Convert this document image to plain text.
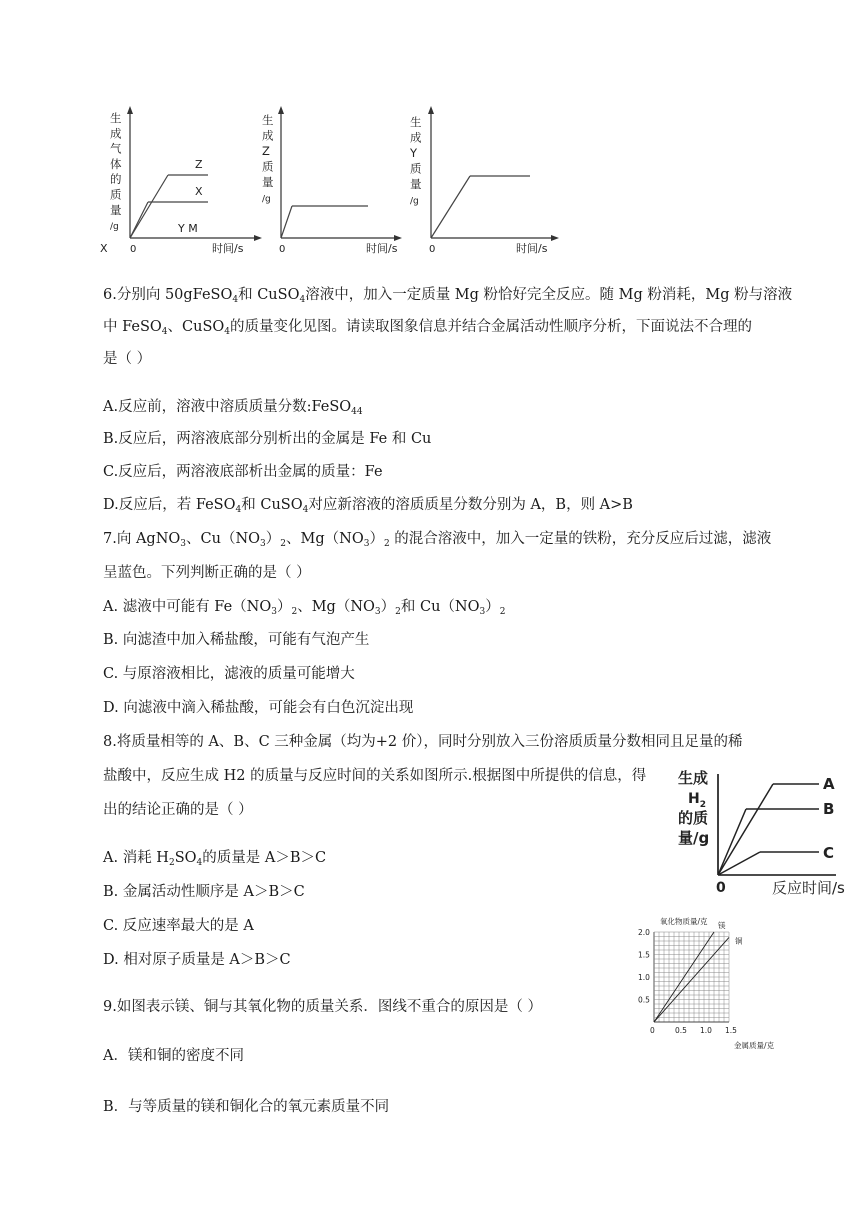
生
成
气
体
的
质
量
/g
Z
X
Y M
0
X	时间/s
生
成
Z
质
量
/g
0	时间/s
生
成
Y
质
量
/g
0	时间/s
6.分别向 50gFeSO$_4$和 CuSO$_4$溶液中，加入一定质量 Mg 粉恰好完全反应。随 Mg 粉消耗，Mg 粉与溶液
中 FeSO$_4$、CuSO$_4$的质量变化见图。请读取图象信息并结合金属活动性顺序分析，下面说法不合理的
是（ ）
A.反应前，溶液中溶质质量分数:FeSO$_{44}$
B.反应后，两溶液底部分别析出的金属是 Fe 和 Cu
C.反应后，两溶液底部析出金属的质量：Fe
D.反应后，若 FeSO$_4$和 CuSO$_4$对应新溶液的溶质质星分数分别为 A，B，则 A>B
7.向 AgNO$_3$、$Cu(NO_3)_2$、$Mg(NO_3)_2$ 的混合溶液中，加入一定量的铁粉，充分反应后过滤，滤液
呈蓝色。下列判断正确的是（ ）
A. 滤液中可能有 $Fe(NO_3)_2$、$Mg(NO_3)_2$和 $Cu(NO_3)_2$
B. 向滤渣中加入稀盐酸，可能有气泡产生
C. 与原溶液相比，滤液的质量可能增大
D. 向滤液中滴入稀盐酸，可能会有白色沉淀出现
8.将质量相等的 A、B、C 三种金属（均为+2 价），同时分别放入三份溶质质量分数相同且足量的稀
盐酸中，反应生成 H2 的质量与反应时间的关系如图所示.根据图中所提供的信息，得
出的结论正确的是（ ）
A. 消耗 $H_2SO_4$的质量是 A＞B＞C
B. 金属活动性顺序是 A＞B＞C
C. 反应速率最大的是 A
D. 相对原子质量是 A＞B＞C
生成
$H_2$
的质
量/g
A
B
C
0	反应时间/s
9.如图表示镁、铜与其氧化物的质量关系．图线不重合的原因是（ ）
A．镁和铜的密度不同
B．与等质量的镁和铜化合的氧元素质量不同
0	0.5 1.0 1.5
0.5
1.0
1.5
2.0
镁
铜
氧化物质量/克
金属质量/克
